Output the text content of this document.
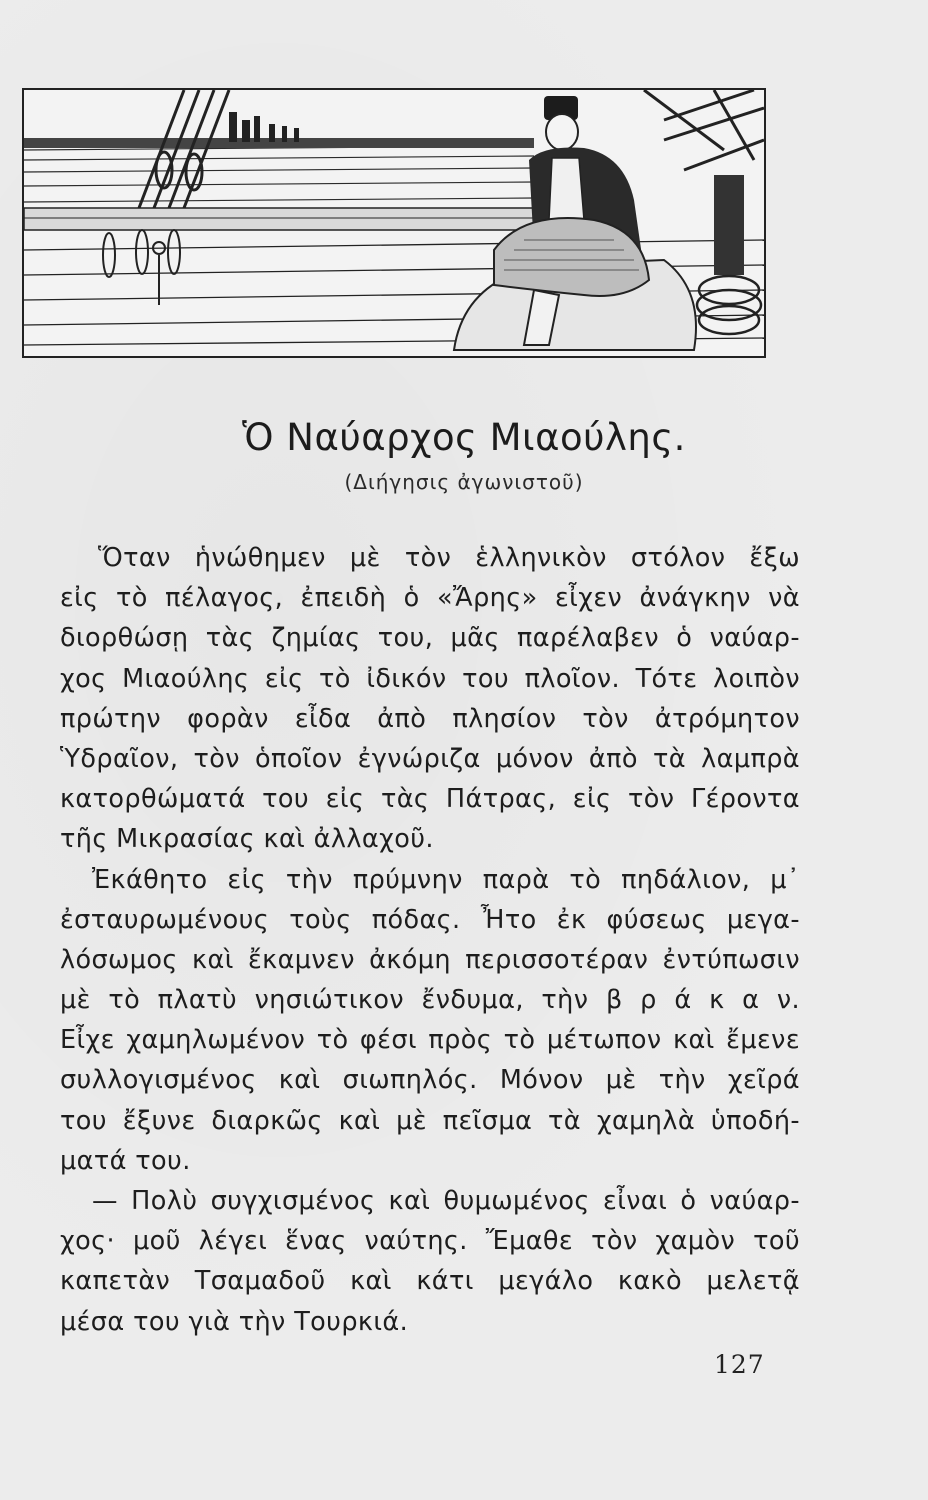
Ὁ Ναύαρχος Μιαούλης.
(Διήγησις ἀγωνιστοῦ)
Ὅταν ἡνώθημεν μὲ τὸν ἑλληνικὸν στόλον ἔξω
εἰς τὸ πέλαγος, ἐπειδὴ ὁ «Ἄρης» εἶχεν ἀνάγκην νὰ
διορθώσῃ τὰς ζημίας του, μᾶς παρέλαβεν ὁ ναύαρ-
χος Μιαούλης εἰς τὸ ἰδικόν του πλοῖον. Τότε λοιπὸν
πρώτην φορὰν εἶδα ἀπὸ πλησίον τὸν ἀτρόμητον
Ὑδραῖον, τὸν ὁποῖον ἐγνώριζα μόνον ἀπὸ τὰ λαμπρὰ
κατορθώματά του εἰς τὰς Πάτρας, εἰς τὸν Γέροντα
τῆς Μικρασίας καὶ ἀλλαχοῦ.
Ἐκάθητο εἰς τὴν πρύμνην παρὰ τὸ πηδάλιον, μ᾽
ἐσταυρωμένους τοὺς πόδας. Ἦτο ἐκ φύσεως μεγα-
λόσωμος καὶ ἔκαμνεν ἀκόμη περισσοτέραν ἐντύπωσιν
μὲ τὸ πλατὺ νησιώτικον ἔνδυμα, τὴν β ρ ά κ α ν.
Εἶχε χαμηλωμένον τὸ φέσι πρὸς τὸ μέτωπον καὶ ἔμενε
συλλογισμένος καὶ σιωπηλός. Μόνον μὲ τὴν χεῖρά
του ἔξυνε διαρκῶς καὶ μὲ πεῖσμα τὰ χαμηλὰ ὑποδή-
ματά του.
— Πολὺ συγχισμένος καὶ θυμωμένος εἶναι ὁ ναύαρ-
χος· μοῦ λέγει ἕνας ναύτης. Ἔμαθε τὸν χαμὸν τοῦ
καπετὰν Τσαμαδοῦ καὶ κάτι μεγάλο κακὸ μελετᾷ
μέσα του γιὰ τὴν Τουρκιά.
127
